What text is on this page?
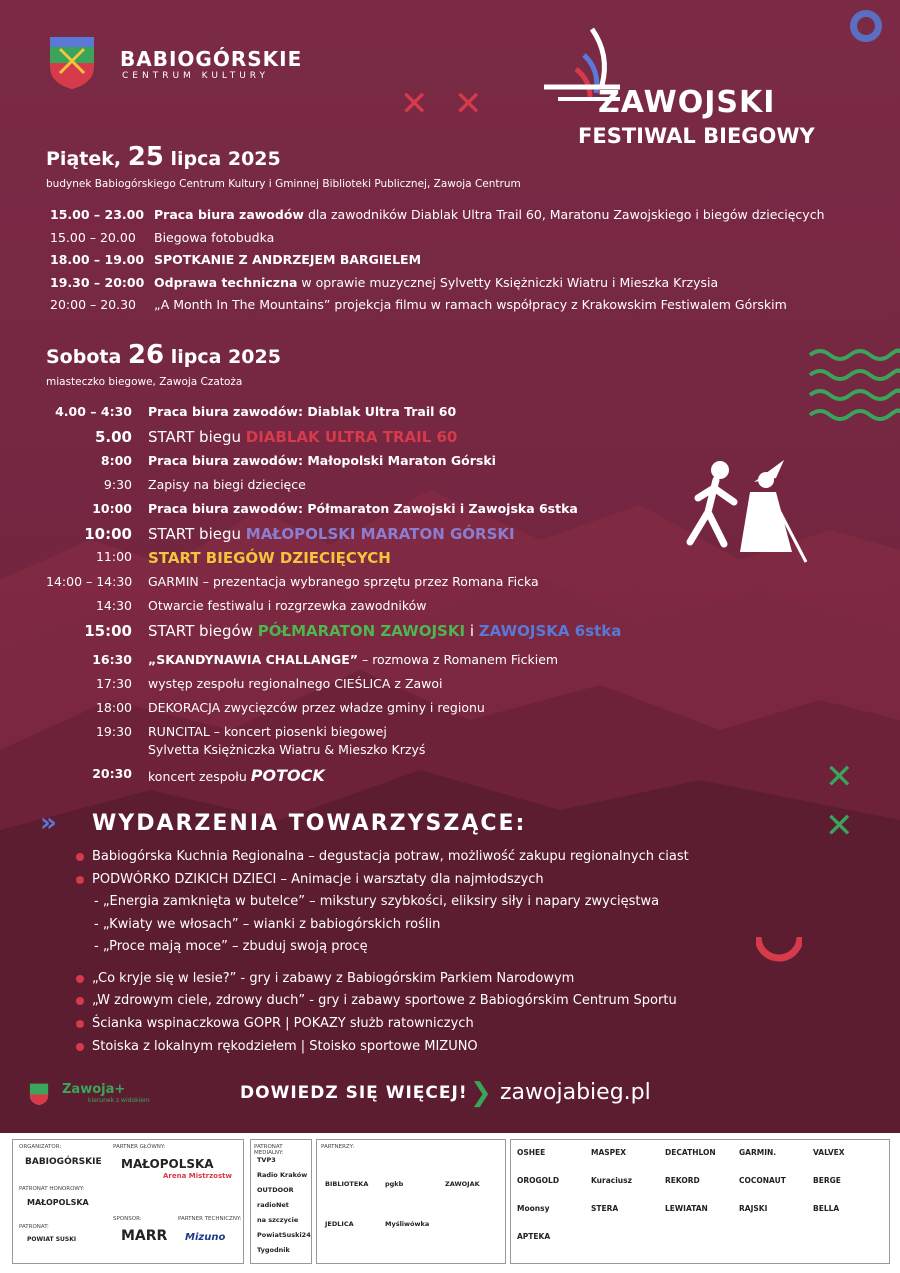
BABIOGÓRSKIE
CENTRUM KULTURY
✕ ✕	ZAWOJSKI
FESTIWAL BIEGOWY
Piątek, 25 lipca 2025
budynek Babiogórskiego Centrum Kultury i Gminnej Biblioteki Publicznej, Zawoja Centrum
15.00 – 23.00 Praca biura zawodów dla zawodników Diablak Ultra Trail 60, Maratonu Zawojskiego i biegów dziecięcych
15.00 – 20.00 Biegowa fotobudka
18.00 – 19.00 SPOTKANIE Z ANDRZEJEM BARGIELEM
19.30 – 20:00 Odprawa techniczna w oprawie muzycznej Sylvetty Księżniczki Wiatru i Mieszka Krzysia
20:00 – 20.30 „A Month In The Mountains” projekcja filmu w ramach współpracy z Krakowskim Festiwalem Górskim
Sobota 26 lipca 2025
miasteczko biegowe, Zawoja Czatoża
4.00 – 4:30 Praca biura zawodów: Diablak Ultra Trail 60
5.00 START biegu DIABLAK ULTRA TRAIL 60
8:00 Praca biura zawodów: Małopolski Maraton Górski
9:30 Zapisy na biegi dziecięce
10:00 Praca biura zawodów: Półmaraton Zawojski i Zawojska 6stka
10:00 START biegu MAŁOPOLSKI MARATON GÓRSKI
11:00 START BIEGÓW DZIECIĘCYCH
14:00 – 14:30 GARMIN – prezentacja wybranego sprzętu przez Romana Ficka
14:30 Otwarcie festiwalu i rozgrzewka zawodników
15:00 START biegów PÓŁMARATON ZAWOJSKI i ZAWOJSKA 6stka
16:30 „SKANDYNAWIA CHALLANGE” – rozmowa z Romanem Fickiem
17:30 występ zespołu regionalnego CIEŚLICA z Zawoi
18:00 DEKORACJA zwycięzców przez władze gminy i regionu
19:30 RUNCITAL – koncert piosenki biegowej
Sylvetta Księżniczka Wiatru & Mieszko Krzyś
20:30 koncert zespołu POTOCK	✕
✕
» WYDARZENIA TOWARZYSZĄCE:
Babiogórska Kuchnia Regionalna – degustacja potraw, możliwość zakupu regionalnych ciast
PODWÓRKO DZIKICH DZIECI – Animacje i warsztaty dla najmłodszych
- „Energia zamknięta w butelce” – mikstury szybkości, eliksiry siły i napary zwycięstwa
- „Kwiaty we włosach” – wianki z babiogórskich roślin
- „Proce mają moce” – zbuduj swoją procę
„Co kryje się w lesie?” - gry i zabawy z Babiogórskim Parkiem Narodowym
„W zdrowym ciele, zdrowy duch” - gry i zabawy sportowe z Babiogórskim Centrum Sportu
Ścianka wspinaczkowa GOPR | POKAZY służb ratowniczych
Stoiska z lokalnym rękodziełem | Stoisko sportowe MIZUNO
Zawoja+
kierunek z widokiem	DOWIEDZ SIĘ WIĘCEJ! ❯ zawojabieg.pl
ORGANIZATOR:
BABIOGÓRSKIE
PARTNER GŁÓWNY:
MAŁOPOLSKA
Arena Mistrzostw
PATRONAT HONOROWY:
MAŁOPOLSKA
PATRONAT:
POWIAT SUSKI
SPONSOR:
MARR
PARTNER TECHNICZNY:
Mizuno
PATRONAT MEDIALNY:
TVP3
Radio Kraków
OUTDOOR
radioNet
na szczycie
PowiatSuski24
Tygodnik
PARTNERZY:
BIBLIOTEKA	pgkb	ZAWOJAK
JEDLICA	Myśliwówka
OSHEE	MASPEX	DECATHLON	GARMIN.	VALVEX
OROGOLD	Kuraciusz	REKORD	COCONAUT	BERGE
Moonsy	STERA	LEWIATAN	RAJSKI	BELLA
APTEKA
